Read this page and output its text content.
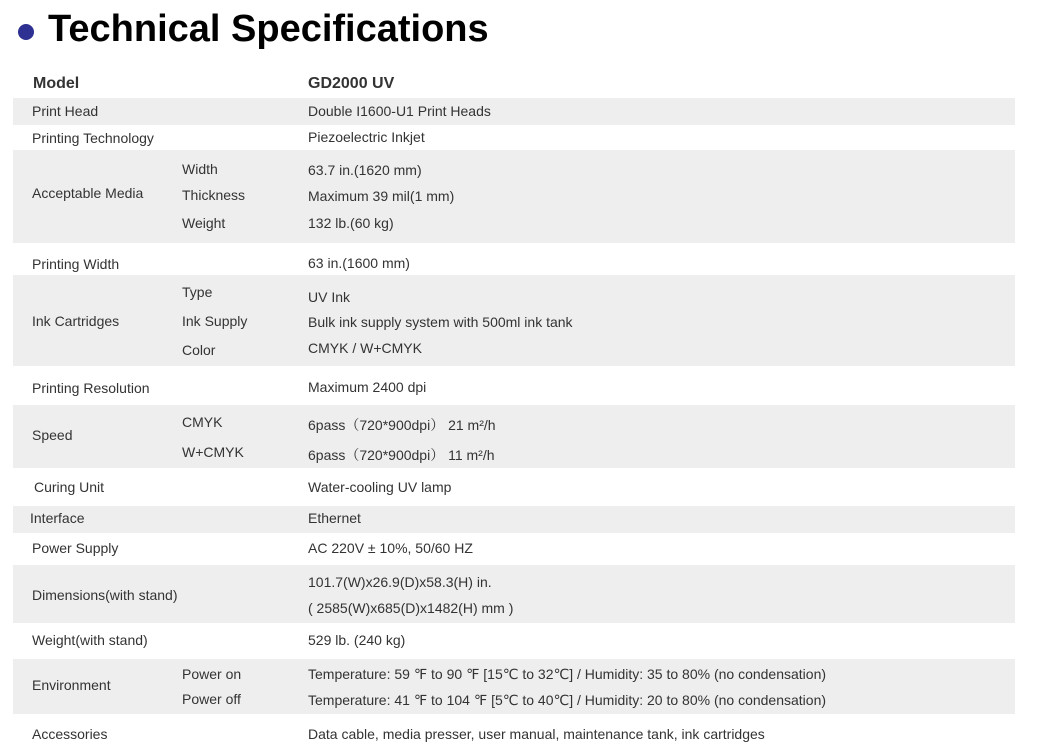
Technical Specifications
Model	GD2000 UV
Print Head	Double I1600-U1 Print Heads
Printing Technology	Piezoelectric Inkjet
Acceptable Media
Width	63.7 in.(1620 mm)
Thickness	Maximum 39 mil(1 mm)
Weight	132 lb.(60 kg)
Printing Width	63 in.(1600 mm)
Ink Cartridges
Type	UV Ink
Ink Supply	Bulk ink supply system with 500ml ink tank
Color	CMYK / W+CMYK
Printing Resolution	Maximum 2400 dpi
Speed
CMYK	6pass（720*900dpi） 21 m²/h
W+CMYK	6pass（720*900dpi） 11 m²/h
Curing Unit	Water-cooling UV lamp
Interface	Ethernet
Power Supply	AC 220V ± 10%, 50/60 HZ
Dimensions(with stand)
101.7(W)x26.9(D)x58.3(H) in.
( 2585(W)x685(D)x1482(H) mm )
Weight(with stand)	529 lb. (240 kg)
Environment
Power on	Temperature: 59 ℉ to 90 ℉ [15℃ to 32℃] / Humidity: 35 to 80% (no condensation)
Power off	Temperature: 41 ℉ to 104 ℉ [5℃ to 40℃] / Humidity: 20 to 80% (no condensation)
Accessories	Data cable, media presser, user manual, maintenance tank, ink cartridges
